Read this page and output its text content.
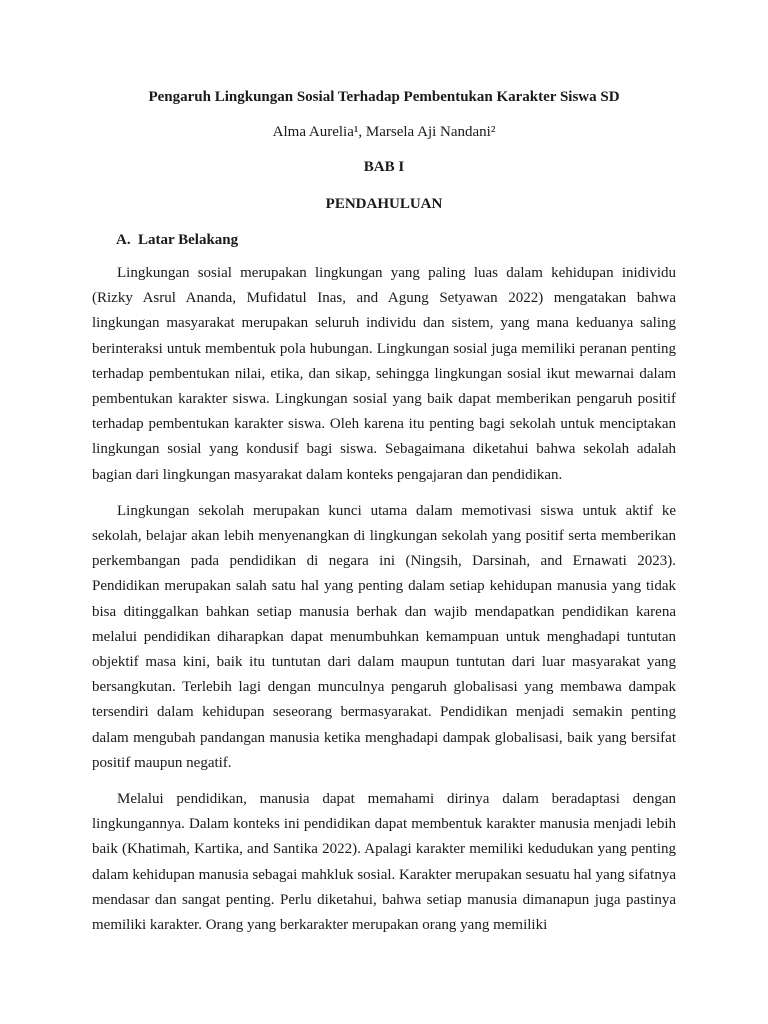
Pengaruh Lingkungan Sosial Terhadap Pembentukan Karakter Siswa SD

Alma Aurelia¹, Marsela Aji Nandani²

BAB I

PENDAHULUAN

A. Latar Belakang

Lingkungan sosial merupakan lingkungan yang paling luas dalam kehidupan inidividu (Rizky Asrul Ananda, Mufidatul Inas, and Agung Setyawan 2022) mengatakan bahwa lingkungan masyarakat merupakan seluruh individu dan sistem, yang mana keduanya saling berinteraksi untuk membentuk pola hubungan. Lingkungan sosial juga memiliki peranan penting terhadap pembentukan nilai, etika, dan sikap, sehingga lingkungan sosial ikut mewarnai dalam pembentukan karakter siswa. Lingkungan sosial yang baik dapat memberikan pengaruh positif terhadap pembentukan karakter siswa. Oleh karena itu penting bagi sekolah untuk menciptakan lingkungan sosial yang kondusif bagi siswa. Sebagaimana diketahui bahwa sekolah adalah bagian dari lingkungan masyarakat dalam konteks pengajaran dan pendidikan.

Lingkungan sekolah merupakan kunci utama dalam memotivasi siswa untuk aktif ke sekolah, belajar akan lebih menyenangkan di lingkungan sekolah yang positif serta memberikan perkembangan pada pendidikan di negara ini (Ningsih, Darsinah, and Ernawati 2023). Pendidikan merupakan salah satu hal yang penting dalam setiap kehidupan manusia yang tidak bisa ditinggalkan bahkan setiap manusia berhak dan wajib mendapatkan pendidikan karena melalui pendidikan diharapkan dapat menumbuhkan kemampuan untuk menghadapi tuntutan objektif masa kini, baik itu tuntutan dari dalam maupun tuntutan dari luar masyarakat yang bersangkutan. Terlebih lagi dengan munculnya pengaruh globalisasi yang membawa dampak tersendiri dalam kehidupan seseorang bermasyarakat. Pendidikan menjadi semakin penting dalam mengubah pandangan manusia ketika menghadapi dampak globalisasi, baik yang bersifat positif maupun negatif.

Melalui pendidikan, manusia dapat memahami dirinya dalam beradaptasi dengan lingkungannya. Dalam konteks ini pendidikan dapat membentuk karakter manusia menjadi lebih baik (Khatimah, Kartika, and Santika 2022). Apalagi karakter memiliki kedudukan yang penting dalam kehidupan manusia sebagai mahkluk sosial. Karakter merupakan sesuatu hal yang sifatnya mendasar dan sangat penting. Perlu diketahui, bahwa setiap manusia dimanapun juga pastinya memiliki karakter. Orang yang berkarakter merupakan orang yang memiliki
